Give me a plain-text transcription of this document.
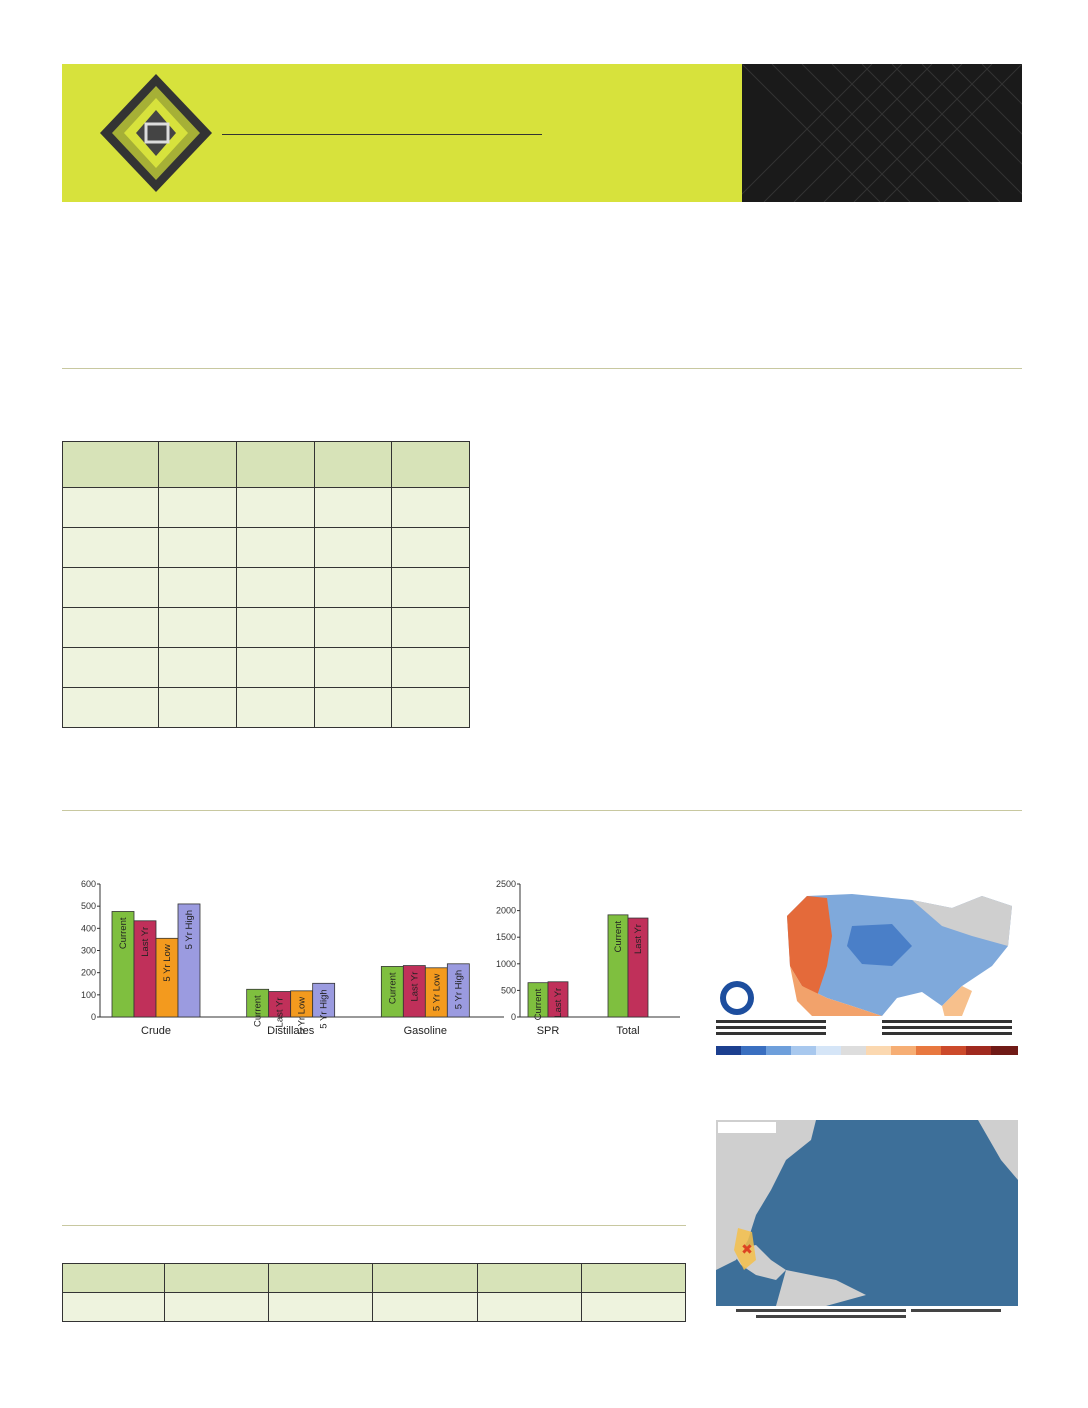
0
100
200
300
400
500
600
Current Last Yr
5 Yr Low
5 Yr High
Crude
Current Last Yr 5 Yr Low 5 Yr High
Distillates
Current Last Yr 5 Yr Low 5 Yr High
Gasoline
0
500
1000
1500
2000
2500
Current Last Yr
SPR
Current Last Yr
Total

✖
